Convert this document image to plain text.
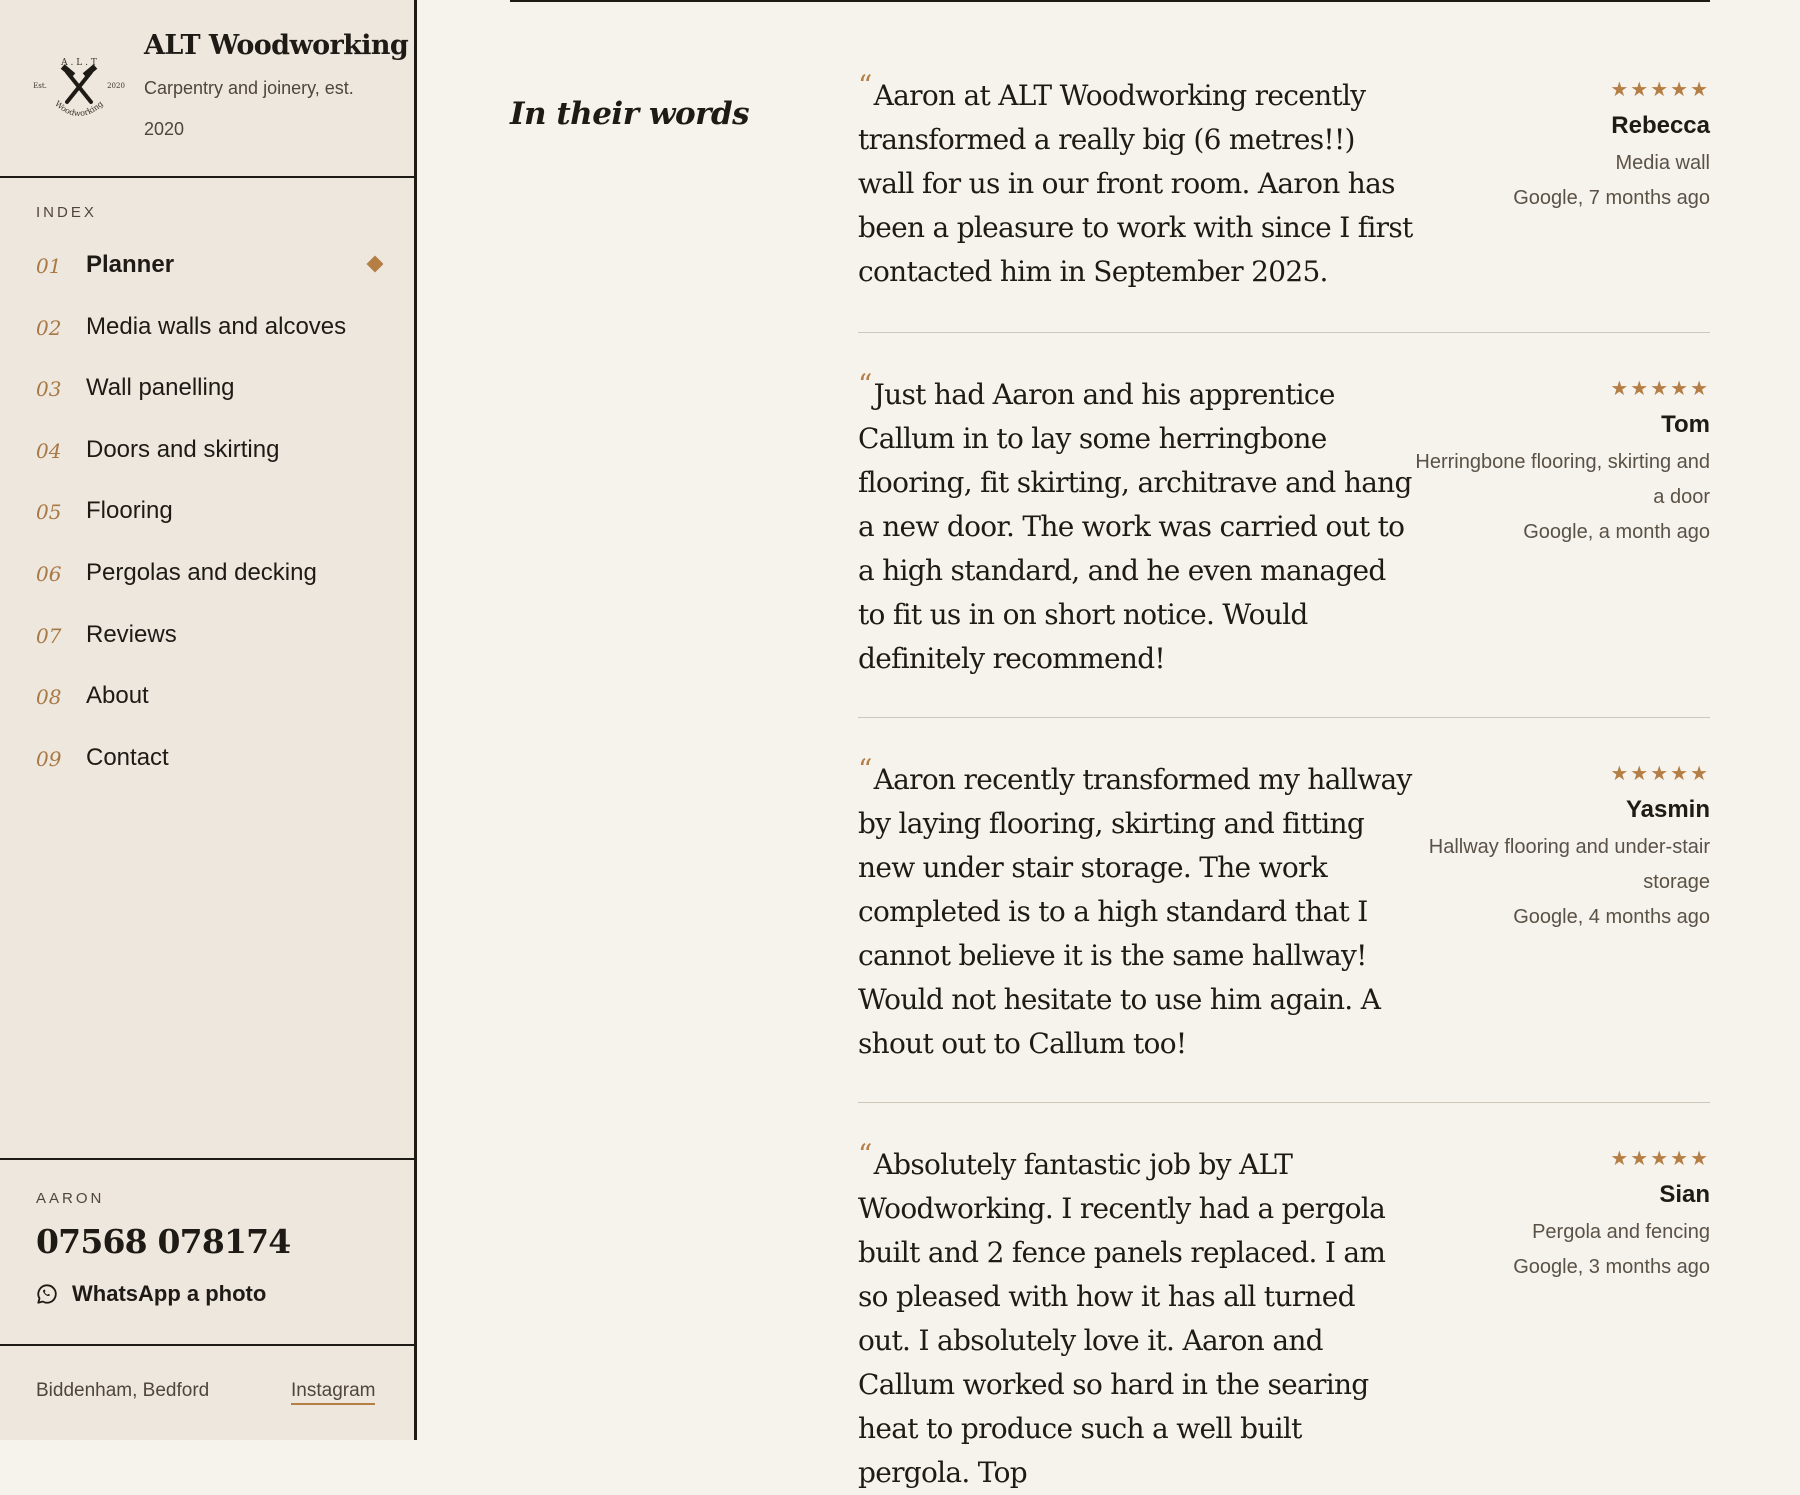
A . L . T
Est.	2020
Woodworking
ALT Woodworking
Carpentry and joinery, est. 2020
INDEX
01 Planner
02 Media walls and alcoves
03 Wall panelling
04 Doors and skirting
05 Flooring
06 Pergolas and decking
07 Reviews
08 About
09 Contact
AARON
07568 078174
WhatsApp a photo
Biddenham, Bedford	Instagram
In their words

“Aaron at ALT Woodworking recently transformed a really big (6 metres!!) wall for us in our front room. Aaron has been a pleasure to work with since I first contacted him in September 2025.

★★★★★
Rebecca
Media wall
Google, 7 months ago

“Just had Aaron and his apprentice Callum in to lay some herringbone flooring, fit skirting, architrave and hang a new door. The work was carried out to a high standard, and he even managed to fit us in on short notice. Would definitely recommend!

★★★★★
Tom
Herringbone flooring, skirting and a door
Google, a month ago

“Aaron recently transformed my hallway by laying flooring, skirting and fitting new under stair storage. The work completed is to a high standard that I cannot believe it is the same hallway! Would not hesitate to use him again. A shout out to Callum too!

★★★★★
Yasmin
Hallway flooring and under-stair storage
Google, 4 months ago

“Absolutely fantastic job by ALT Woodworking. I recently had a pergola built and 2 fence panels replaced. I am so pleased with how it has all turned out. I absolutely love it. Aaron and Callum worked so hard in the searing heat to produce such a well built pergola. Top

★★★★★
Sian
Pergola and fencing
Google, 3 months ago
